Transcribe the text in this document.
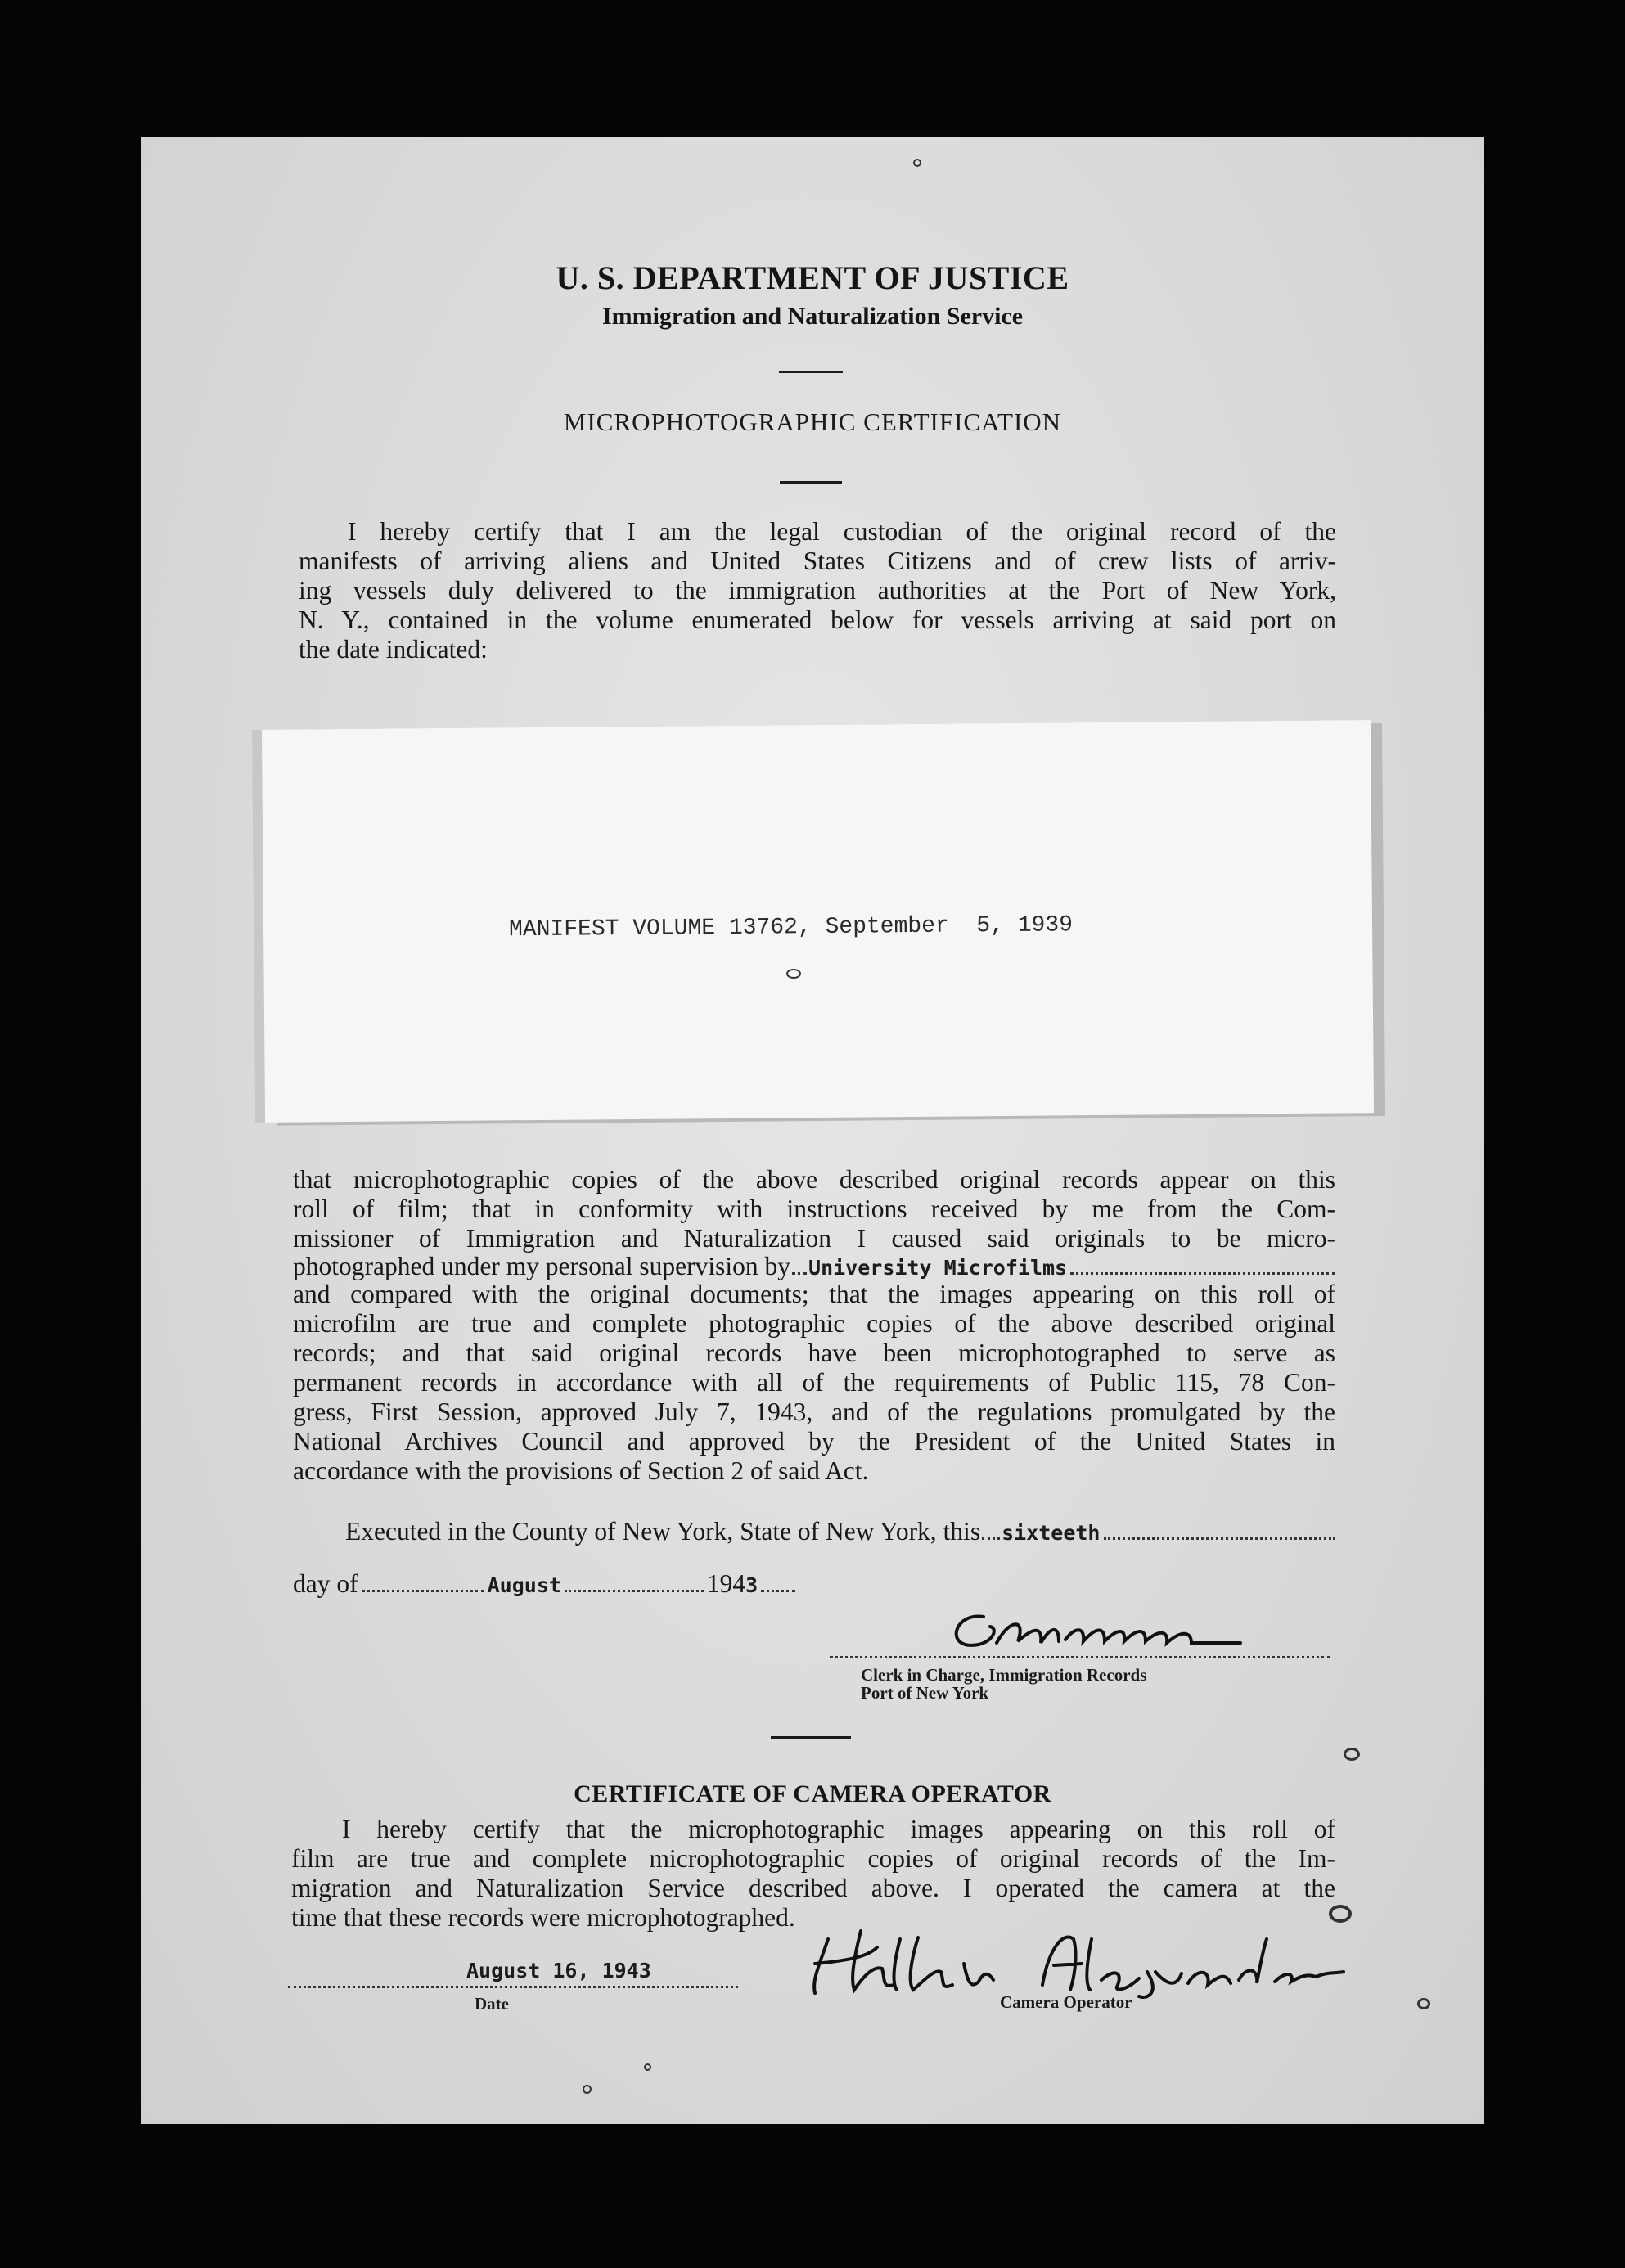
U. S. DEPARTMENT OF JUSTICE
Immigration and Naturalization Service
MICROPHOTOGRAPHIC CERTIFICATION
I hereby certify that I am the legal custodian of the original record of the
manifests of arriving aliens and United States Citizens and of crew lists of arriv-
ing vessels duly delivered to the immigration authorities at the Port of New York,
N. Y., contained in the volume enumerated below for vessels arriving at said port on
the date indicated:
MANIFEST VOLUME 13762, September  5, 1939
that microphotographic copies of the above described original records appear on this
roll of film; that in conformity with instructions received by me from the Com-
missioner of Immigration and Naturalization I caused said originals to be micro-
photographed under my personal supervision by University Microfilms
and compared with the original documents; that the images appearing on this roll of
microfilm are true and complete photographic copies of the above described original
records; and that said original records have been microphotographed to serve as
permanent records in accordance with all of the requirements of Public 115, 78 Con-
gress, First Session, approved July 7, 1943, and of the regulations promulgated by the
National Archives Council and approved by the President of the United States in
accordance with the provisions of Section 2 of said Act.
Executed in the County of New York, State of New York, this sixteeth
day of	August	194 3
Clerk in Charge, Immigration Records
Port of New York
CERTIFICATE OF CAMERA OPERATOR
I hereby certify that the microphotographic images appearing on this roll of
film are true and complete microphotographic copies of original records of the Im-
migration and Naturalization Service described above. I operated the camera at the
time that these records were microphotographed.
August 16, 1943
Date	Camera Operator
